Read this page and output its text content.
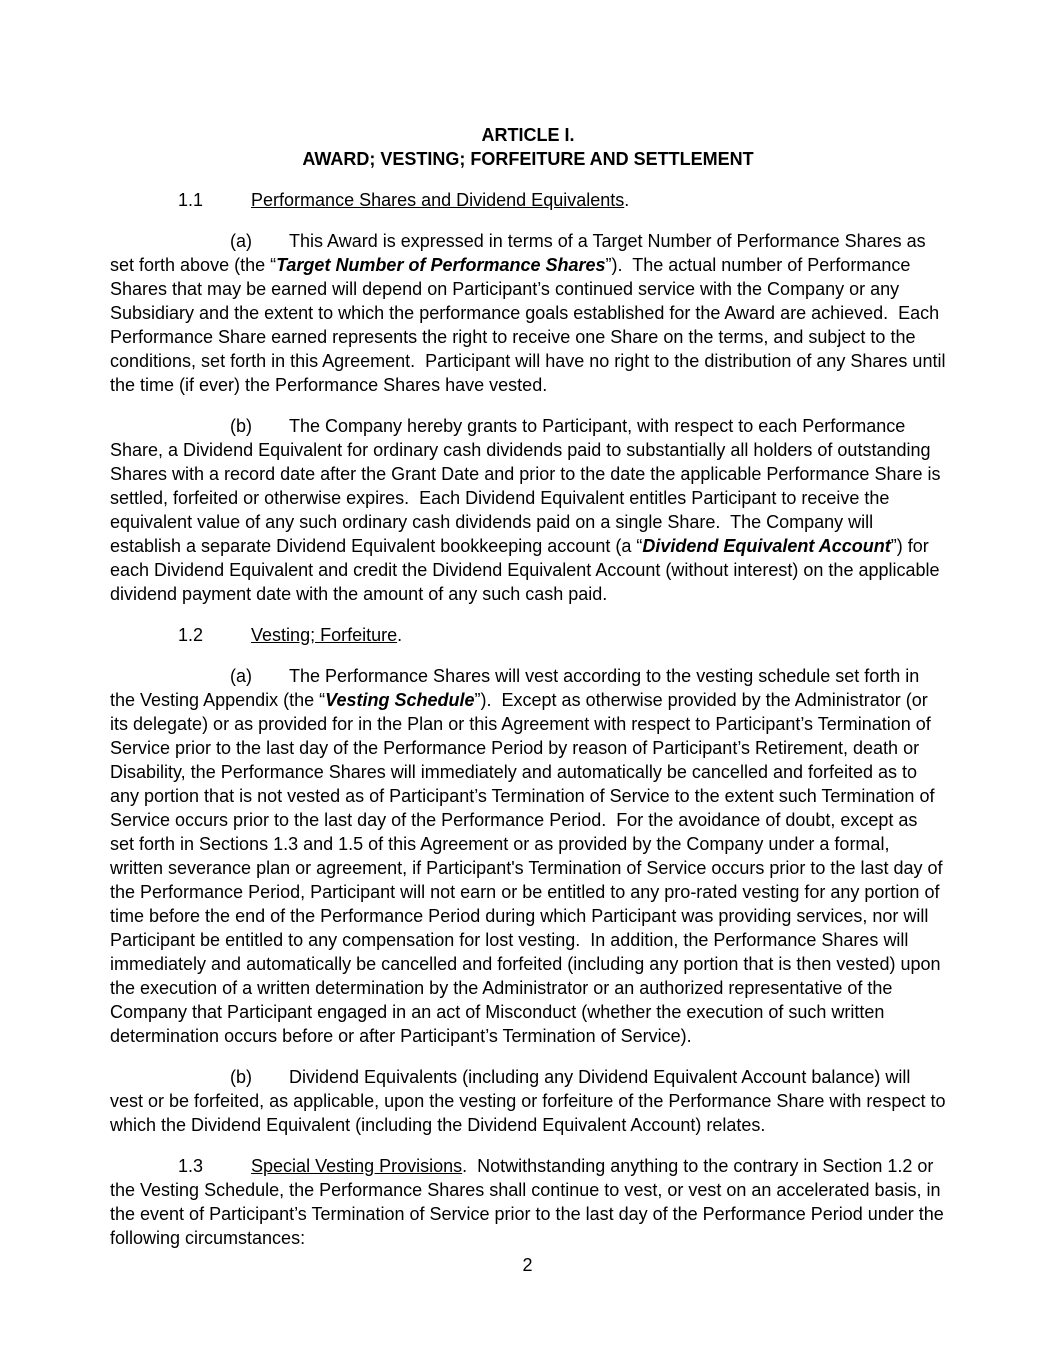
ARTICLE I.
AWARD; VESTING; FORFEITURE AND SETTLEMENT

1.1	Performance Shares and Dividend Equivalents.

(a) This Award is expressed in terms of a Target Number of Performance Shares as set forth above (the “Target Number of Performance Shares”).  The actual number of Performance Shares that may be earned will depend on Participant’s continued service with the Company or any Subsidiary and the extent to which the performance goals established for the Award are achieved.  Each Performance Share earned represents the right to receive one Share on the terms, and subject to the conditions, set forth in this Agreement.  Participant will have no right to the distribution of any Shares until the time (if ever) the Performance Shares have vested.

(b) The Company hereby grants to Participant, with respect to each Performance Share, a Dividend Equivalent for ordinary cash dividends paid to substantially all holders of outstanding Shares with a record date after the Grant Date and prior to the date the applicable Performance Share is settled, forfeited or otherwise expires.  Each Dividend Equivalent entitles Participant to receive the equivalent value of any such ordinary cash dividends paid on a single Share.  The Company will establish a separate Dividend Equivalent bookkeeping account (a “Dividend Equivalent Account”) for each Dividend Equivalent and credit the Dividend Equivalent Account (without interest) on the applicable dividend payment date with the amount of any such cash paid.

1.2	Vesting; Forfeiture.

(a) The Performance Shares will vest according to the vesting schedule set forth in the Vesting Appendix (the “Vesting Schedule”).  Except as otherwise provided by the Administrator (or its delegate) or as provided for in the Plan or this Agreement with respect to Participant’s Termination of Service prior to the last day of the Performance Period by reason of Participant’s Retirement, death or Disability, the Performance Shares will immediately and automatically be cancelled and forfeited as to any portion that is not vested as of Participant’s Termination of Service to the extent such Termination of Service occurs prior to the last day of the Performance Period.  For the avoidance of doubt, except as set forth in Sections 1.3 and 1.5 of this Agreement or as provided by the Company under a formal, written severance plan or agreement, if Participant's Termination of Service occurs prior to the last day of the Performance Period, Participant will not earn or be entitled to any pro-rated vesting for any portion of time before the end of the Performance Period during which Participant was providing services, nor will Participant be entitled to any compensation for lost vesting.  In addition, the Performance Shares will immediately and automatically be cancelled and forfeited (including any portion that is then vested) upon the execution of a written determination by the Administrator or an authorized representative of the Company that Participant engaged in an act of Misconduct (whether the execution of such written determination occurs before or after Participant’s Termination of Service).

(b) Dividend Equivalents (including any Dividend Equivalent Account balance) will vest or be forfeited, as applicable, upon the vesting or forfeiture of the Performance Share with respect to which the Dividend Equivalent (including the Dividend Equivalent Account) relates.

1.3	Special Vesting Provisions.  Notwithstanding anything to the contrary in Section 1.2 or the Vesting Schedule, the Performance Shares shall continue to vest, or vest on an accelerated basis, in the event of Participant’s Termination of Service prior to the last day of the Performance Period under the following circumstances:

2
